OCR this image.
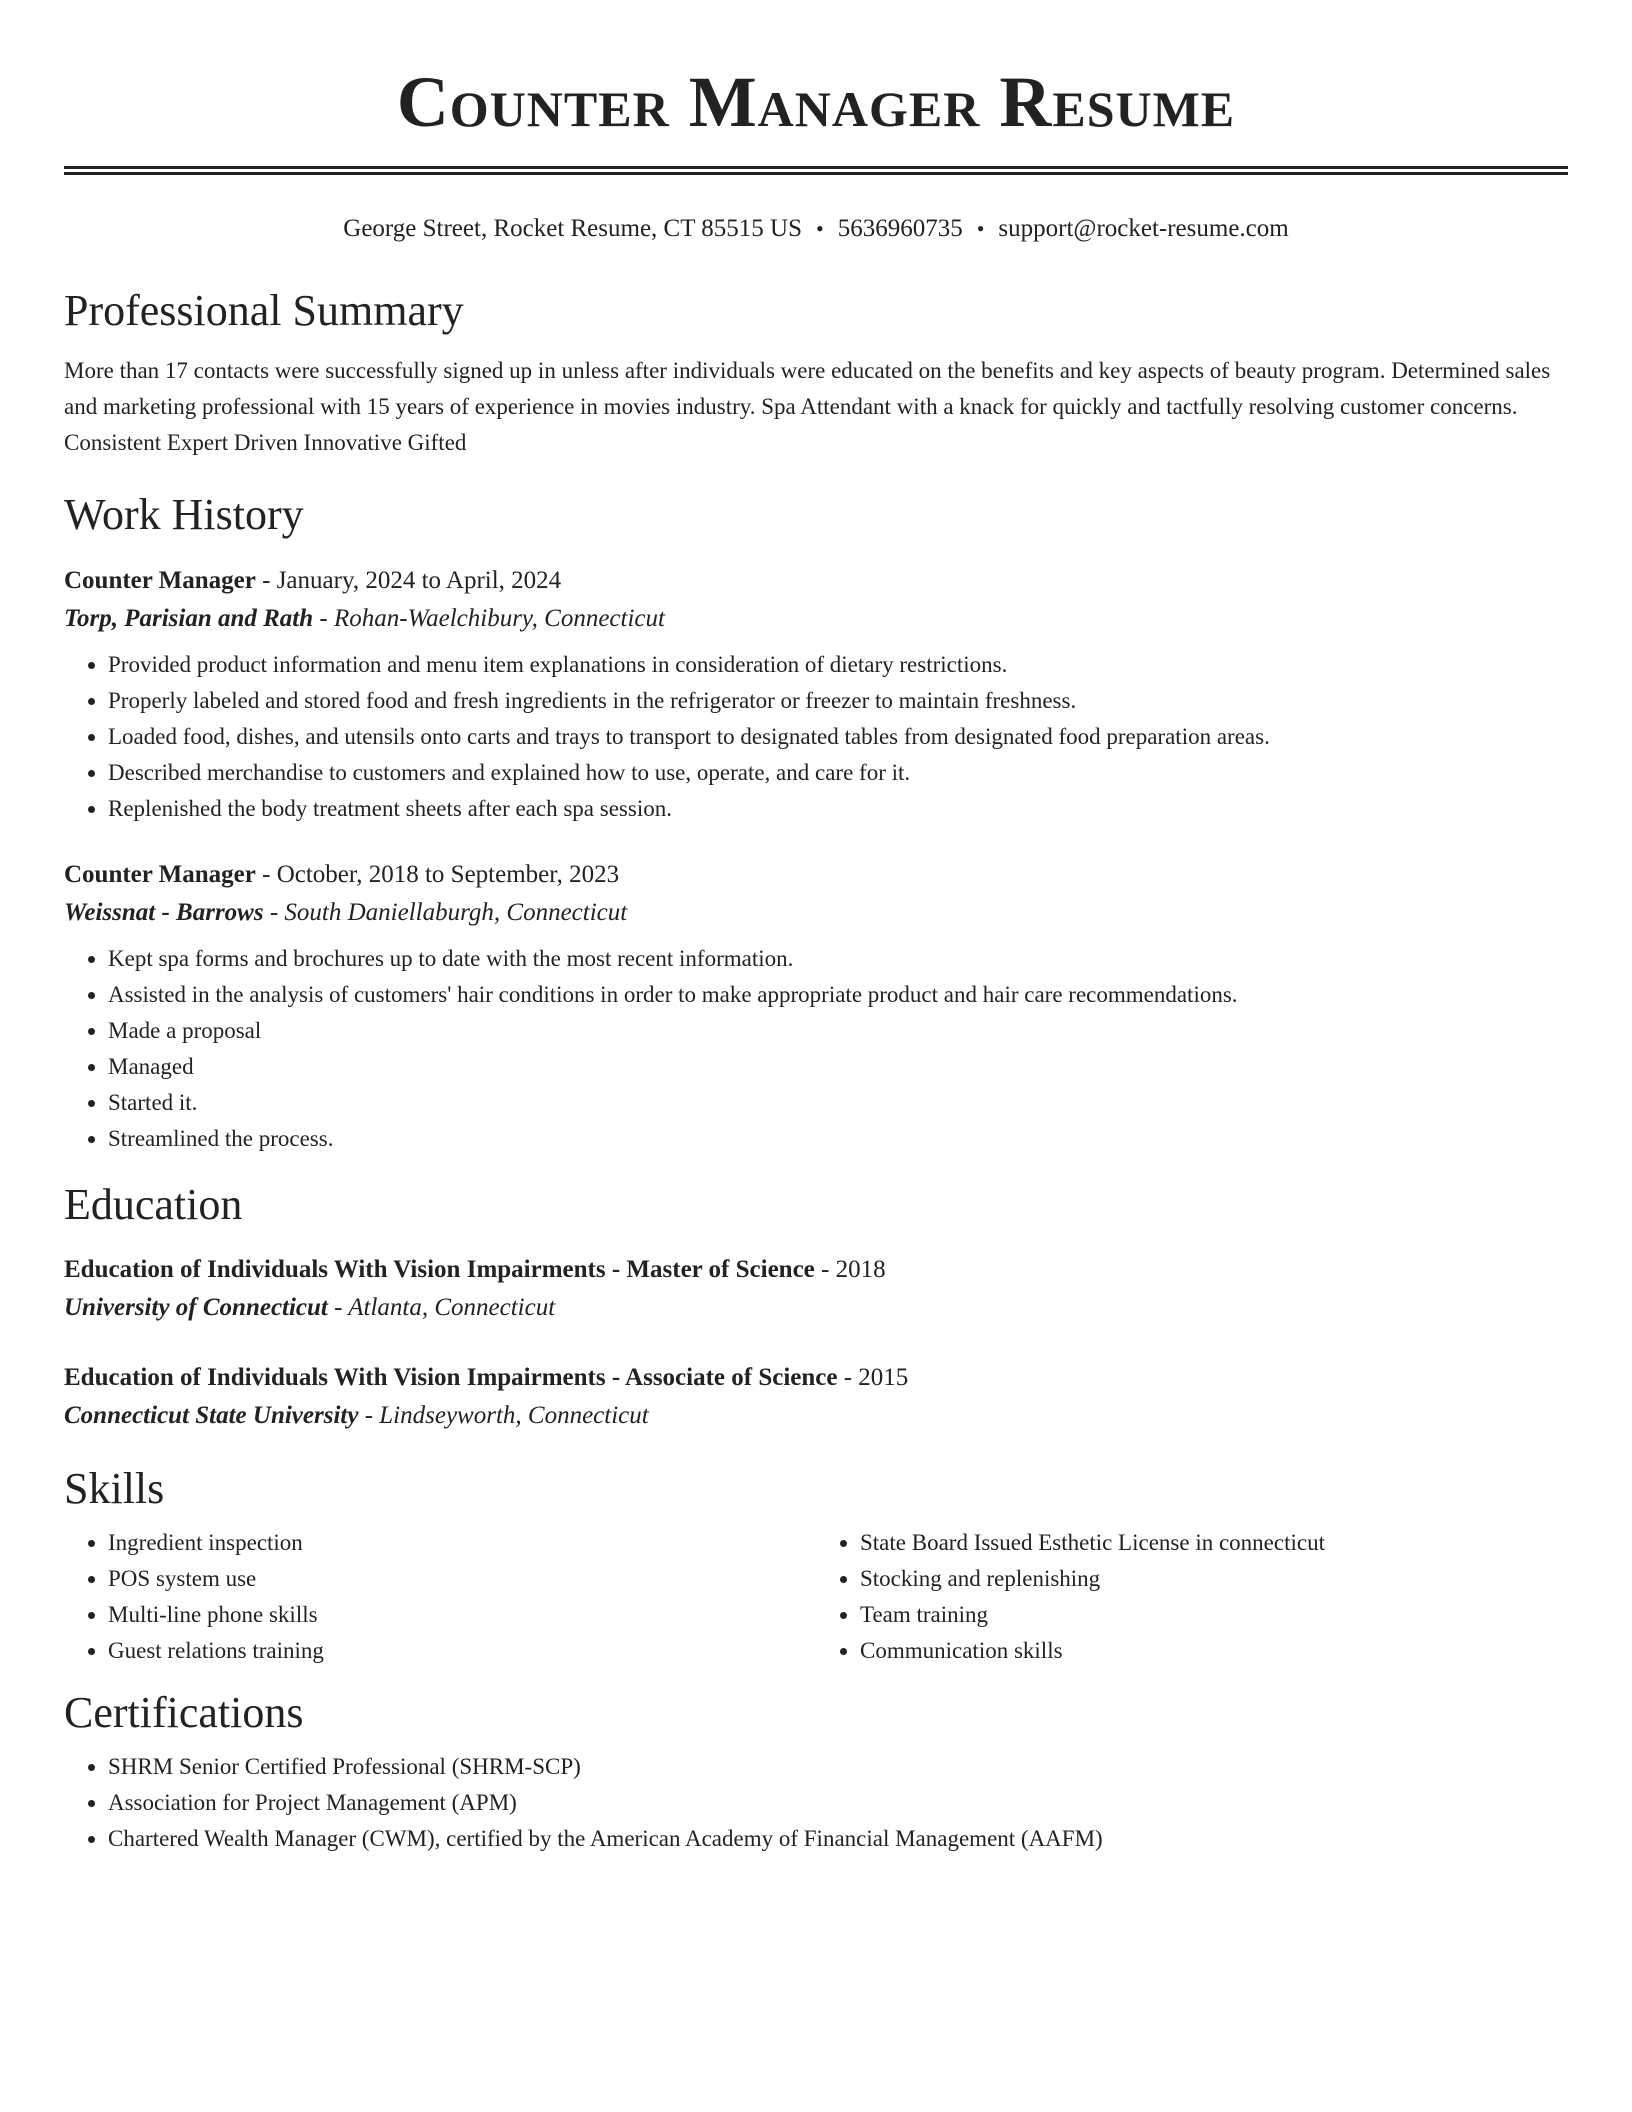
Counter Manager Resume
George Street, Rocket Resume, CT 85515 US • 5636960735 • support@rocket-resume.com
Professional Summary
More than 17 contacts were successfully signed up in unless after individuals were educated on the benefits and key aspects of beauty program. Determined sales and marketing professional with 15 years of experience in movies industry. Spa Attendant with a knack for quickly and tactfully resolving customer concerns. Consistent Expert Driven Innovative Gifted
Work History
Counter Manager - January, 2024 to April, 2024
Torp, Parisian and Rath - Rohan-Waelchibury, Connecticut
• Provided product information and menu item explanations in consideration of dietary restrictions.
• Properly labeled and stored food and fresh ingredients in the refrigerator or freezer to maintain freshness.
• Loaded food, dishes, and utensils onto carts and trays to transport to designated tables from designated food preparation areas.
• Described merchandise to customers and explained how to use, operate, and care for it.
• Replenished the body treatment sheets after each spa session.
Counter Manager - October, 2018 to September, 2023
Weissnat - Barrows - South Daniellaburgh, Connecticut
• Kept spa forms and brochures up to date with the most recent information.
• Assisted in the analysis of customers' hair conditions in order to make appropriate product and hair care recommendations.
• Made a proposal
• Managed
• Started it.
• Streamlined the process.
Education
Education of Individuals With Vision Impairments - Master of Science - 2018
University of Connecticut - Atlanta, Connecticut
Education of Individuals With Vision Impairments - Associate of Science - 2015
Connecticut State University - Lindseyworth, Connecticut
Skills
• Ingredient inspection
• POS system use
• Multi-line phone skills
• Guest relations training
• State Board Issued Esthetic License in connecticut
• Stocking and replenishing
• Team training
• Communication skills
Certifications
• SHRM Senior Certified Professional (SHRM-SCP)
• Association for Project Management (APM)
• Chartered Wealth Manager (CWM), certified by the American Academy of Financial Management (AAFM)
